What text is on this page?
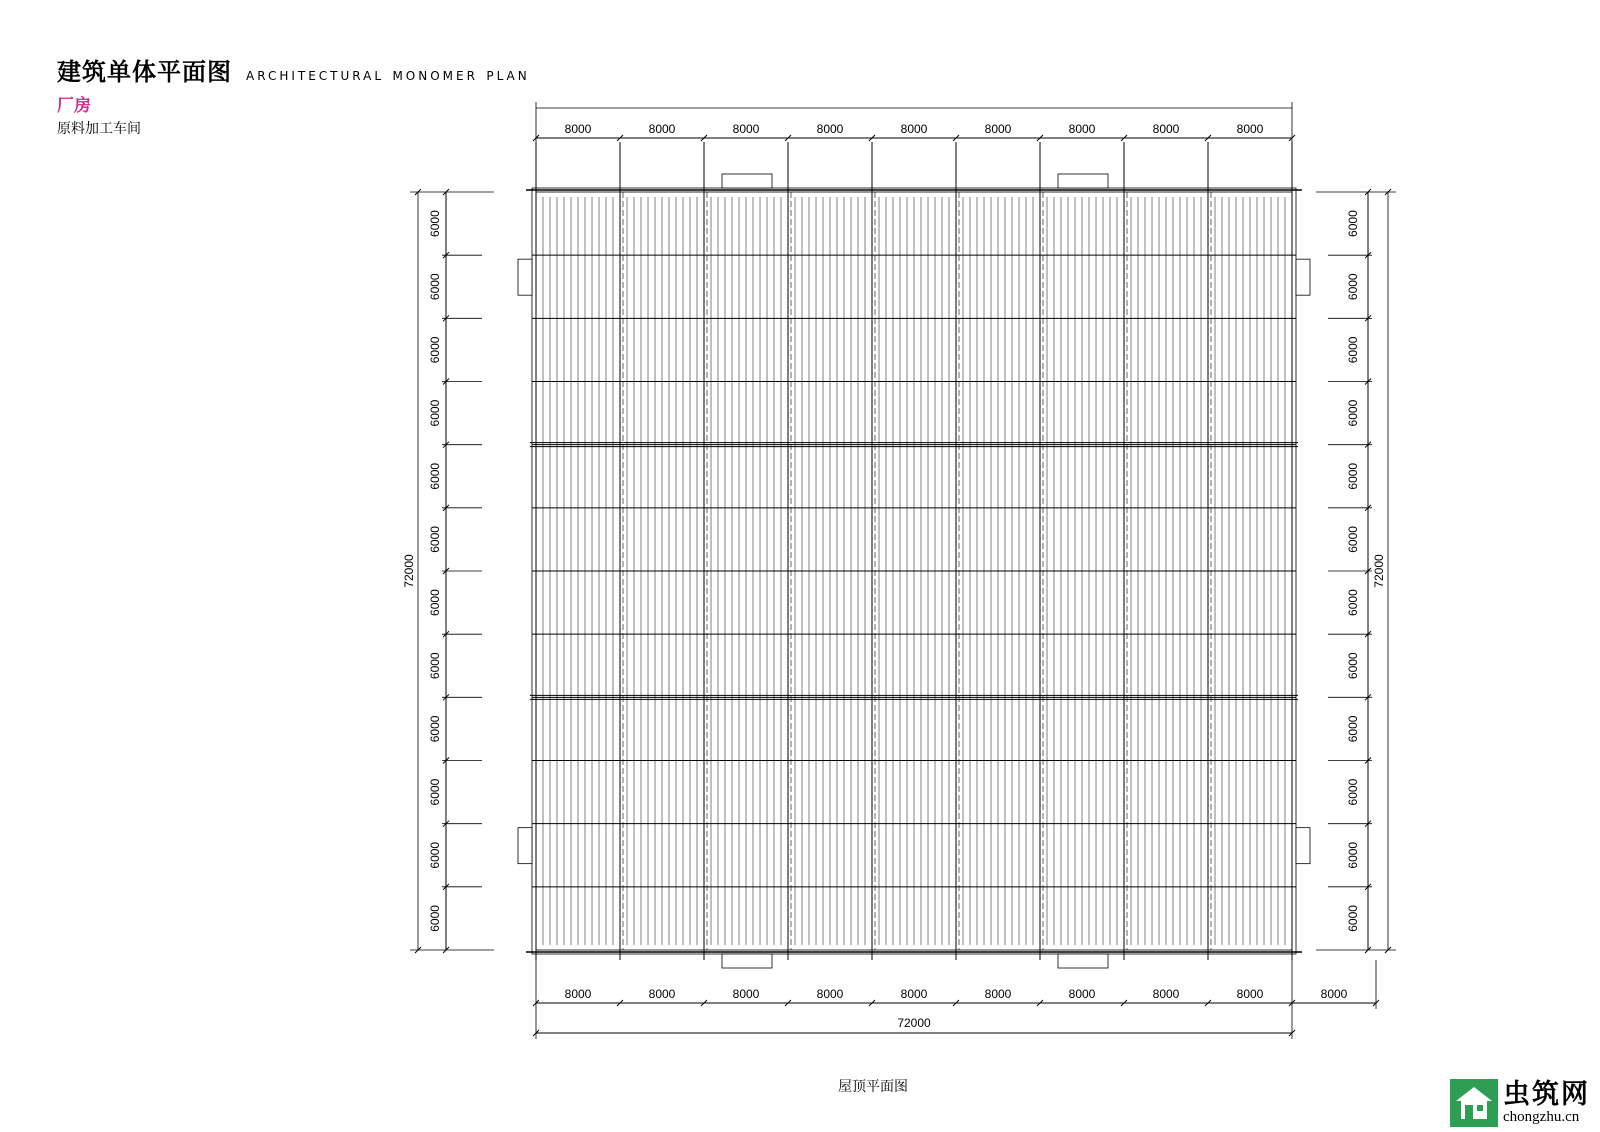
建筑单体平面图 architectural monomer plan
厂房
原料加工车间	8000	8000	8000	8000	8000	8000	8000	8000	8000
8000	8000	8000	8000	8000	8000	8000	8000	8000	8000
72000
6000
6000
6000
6000
6000
6000
6000
6000
6000
6000
6000
6000
72000
6000
6000
6000
6000
6000
6000
6000
6000
6000
6000
6000
6000
72000
屋顶平面图	虫筑网
chongzhu.cn
